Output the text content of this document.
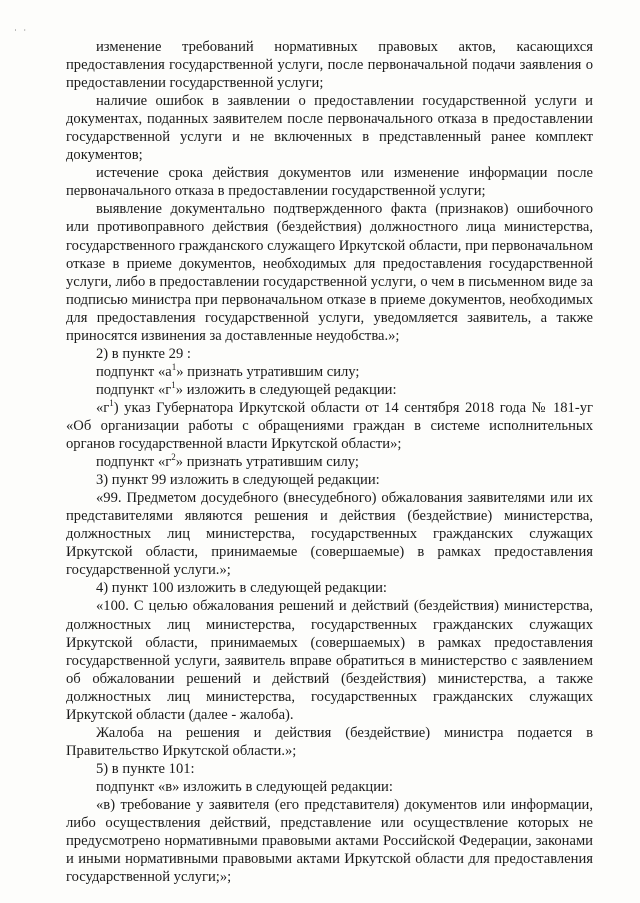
˙ ˙

изменение требований нормативных правовых актов, касающихся предоставления государственной услуги, после первоначальной подачи заявления о предоставлении государственной услуги;

наличие ошибок в заявлении о предоставлении государственной услуги и документах, поданных заявителем после первоначального отказа в предоставлении государственной услуги и не включенных в представленный ранее комплект документов;

истечение срока действия документов или изменение информации после первоначального отказа в предоставлении государственной услуги;

выявление документально подтвержденного факта (признаков) ошибочного или противоправного действия (бездействия) должностного лица министерства, государственного гражданского служащего Иркутской области, при первоначальном отказе в приеме документов, необходимых для предоставления государственной услуги, либо в предоставлении государственной услуги, о чем в письменном виде за подписью министра при первоначальном отказе в приеме документов, необходимых для предоставления государственной услуги, уведомляется заявитель, а также приносятся извинения за доставленные неудобства.»;

2) в пункте 29 :

подпункт «$а^1$» признать утратившим силу;

подпункт «$г^1$» изложить в следующей редакции:

«$г^1$) указ Губернатора Иркутской области от 14 сентября 2018 года № 181-уг «Об организации работы с обращениями граждан в системе исполнительных органов государственной власти Иркутской области»;

подпункт «$г^2$» признать утратившим силу;

3) пункт 99 изложить в следующей редакции:

«99. Предметом досудебного (внесудебного) обжалования заявителями или их представителями являются решения и действия (бездействие) министерства, должностных лиц министерства, государственных гражданских служащих Иркутской области, принимаемые (совершаемые) в рамках предоставления государственной услуги.»;

4) пункт 100 изложить в следующей редакции:

«100. С целью обжалования решений и действий (бездействия) министерства, должностных лиц министерства, государственных гражданских служащих Иркутской области, принимаемых (совершаемых) в рамках предоставления государственной услуги, заявитель вправе обратиться в министерство с заявлением об обжаловании решений и действий (бездействия) министерства, а также должностных лиц министерства, государственных гражданских служащих Иркутской области (далее - жалоба).

Жалоба на решения и действия (бездействие) министра подается в Правительство Иркутской области.»;

5) в пункте 101:

подпункт «в» изложить в следующей редакции:

«в) требование у заявителя (его представителя) документов или информации, либо осуществления действий, представление или осуществление которых не предусмотрено нормативными правовыми актами Российской Федерации, законами и иными нормативными правовыми актами Иркутской области для предоставления государственной услуги;»;
